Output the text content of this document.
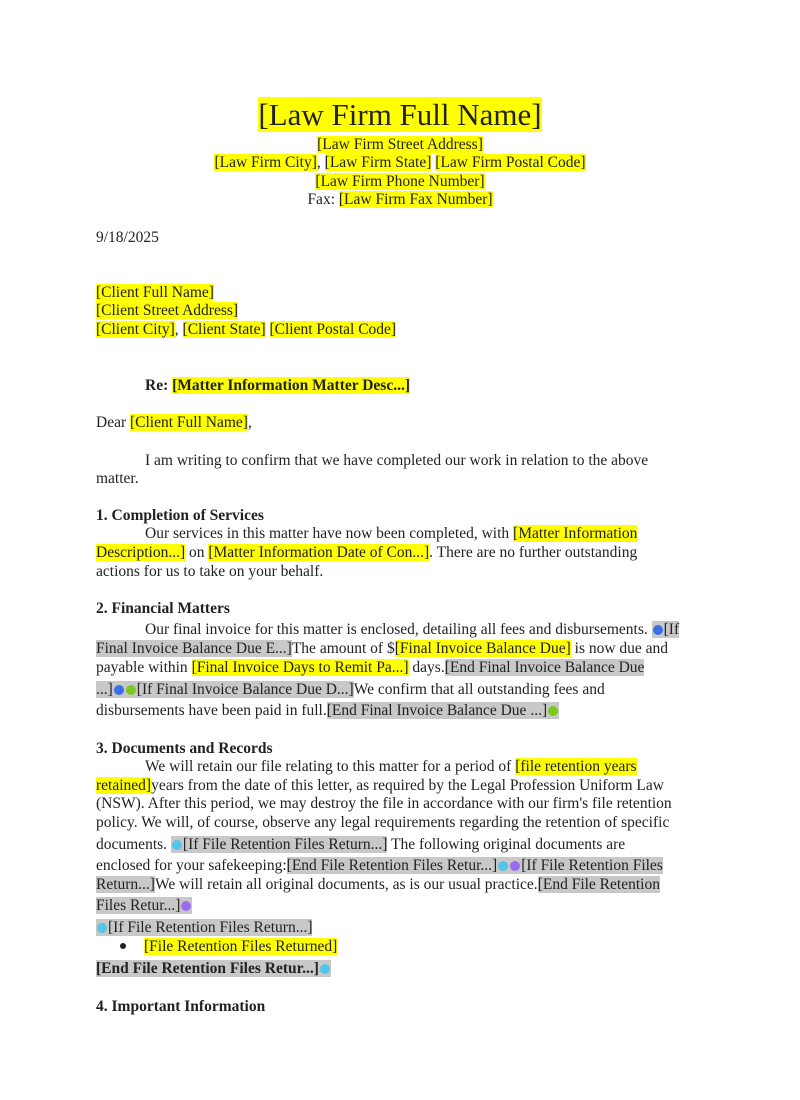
[Law Firm Full Name]
[Law Firm Street Address]
[Law Firm City], [Law Firm State] [Law Firm Postal Code]
[Law Firm Phone Number]
Fax: [Law Firm Fax Number]
9/18/2025
[Client Full Name]
[Client Street Address]
[Client City], [Client State] [Client Postal Code]
Re: [Matter Information Matter Desc...]
Dear [Client Full Name],
I am writing to confirm that we have completed our work in relation to the above
matter.
1. Completion of Services
Our services in this matter have now been completed, with [Matter Information
Description...] on [Matter Information Date of Con...]. There are no further outstanding
actions for us to take on your behalf.
2. Financial Matters
Our final invoice for this matter is enclosed, detailing all fees and disbursements. [If
Final Invoice Balance Due E...]The amount of $[Final Invoice Balance Due] is now due and
payable within [Final Invoice Days to Remit Pa...] days.[End Final Invoice Balance Due
...] [If Final Invoice Balance Due D...]We confirm that all outstanding fees and
disbursements have been paid in full.[End Final Invoice Balance Due ...]
3. Documents and Records
We will retain our file relating to this matter for a period of [file retention years
retained]years from the date of this letter, as required by the Legal Profession Uniform Law
(NSW). After this period, we may destroy the file in accordance with our firm's file retention
policy. We will, of course, observe any legal requirements regarding the retention of specific
documents. [If File Retention Files Return...] The following original documents are
enclosed for your safekeeping:[End File Retention Files Retur...] [If File Retention Files
Return...]We will retain all original documents, as is our usual practice.[End File Retention
Files Retur...]
[If File Retention Files Return...]
[File Retention Files Returned]
[End File Retention Files Retur...]
4. Important Information
